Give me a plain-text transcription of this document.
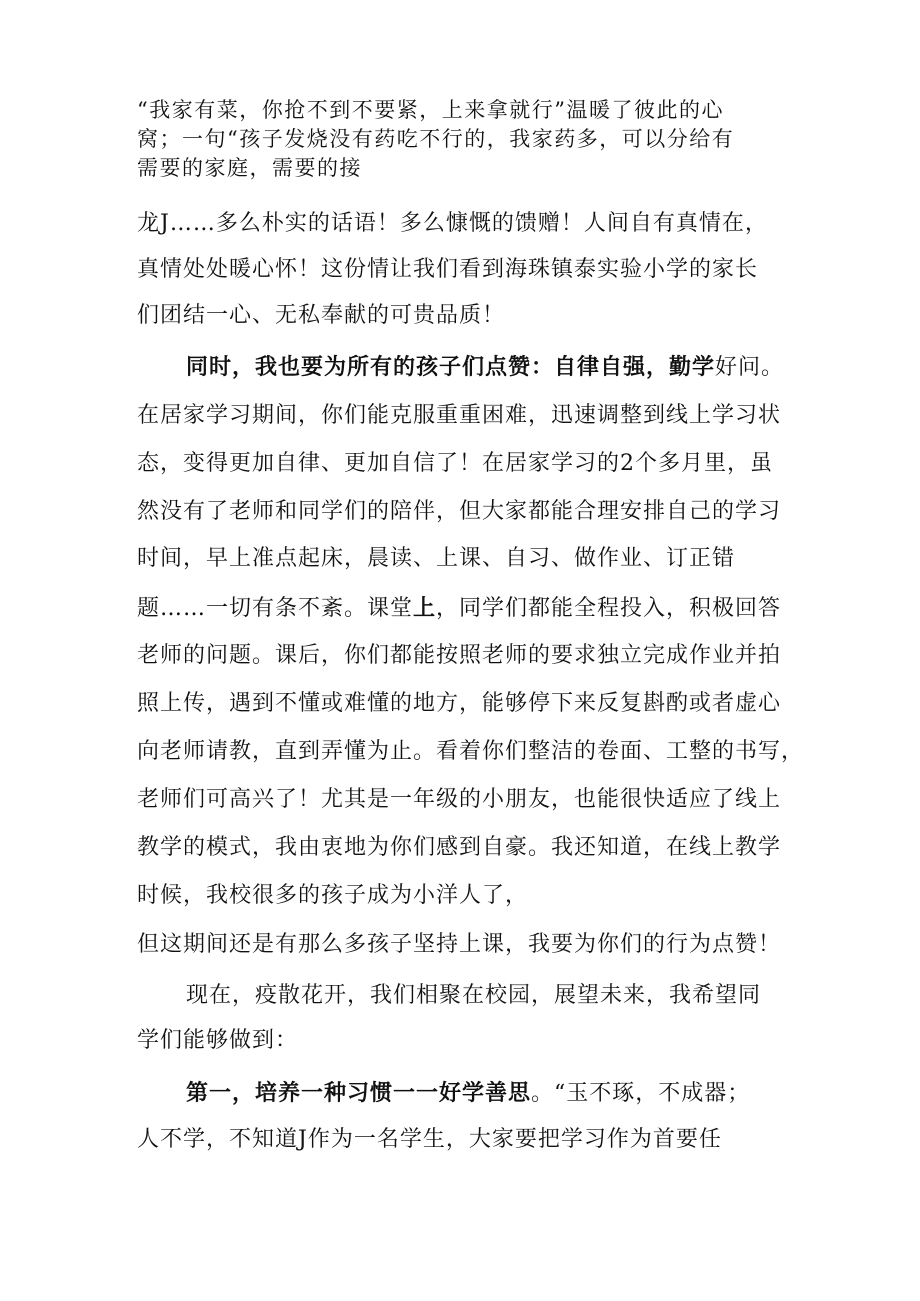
“我家有菜，你抢不到不要紧，上来拿就行”温暖了彼此的心
窝；一句“孩子发烧没有药吃不行的，我家药多，可以分给有
需要的家庭，需要的接
龙J……多么朴实的话语！多么慷慨的馈赠！人间自有真情在，
真情处处暖心怀！这份情让我们看到海珠镇泰实验小学的家长
们团结一心、无私奉献的可贵品质！
同时，我也要为所有的孩子们点赞：自律自强，勤学好问。
在居家学习期间，你们能克服重重困难，迅速调整到线上学习状
态，变得更加自律、更加自信了！在居家学习的2个多月里，虽
然没有了老师和同学们的陪伴，但大家都能合理安排自己的学习
时间，早上准点起床，晨读、上课、自习、做作业、订正错
题……一切有条不紊。课堂上，同学们都能全程投入，积极回答
老师的问题。课后，你们都能按照老师的要求独立完成作业并拍
照上传，遇到不懂或难懂的地方，能够停下来反复斟酌或者虚心
向老师请教，直到弄懂为止。看着你们整洁的卷面、工整的书写，
老师们可高兴了！尤其是一年级的小朋友，也能很快适应了线上
教学的模式，我由衷地为你们感到自豪。我还知道，在线上教学
时候，我校很多的孩子成为小洋人了，
但这期间还是有那么多孩子坚持上课，我要为你们的行为点赞！
现在，疫散花开，我们相聚在校园，展望未来，我希望同
学们能够做到：
第一，培养一种习惯一一好学善思。“玉不琢，不成器；
人不学，不知道J作为一名学生，大家要把学习作为首要任
